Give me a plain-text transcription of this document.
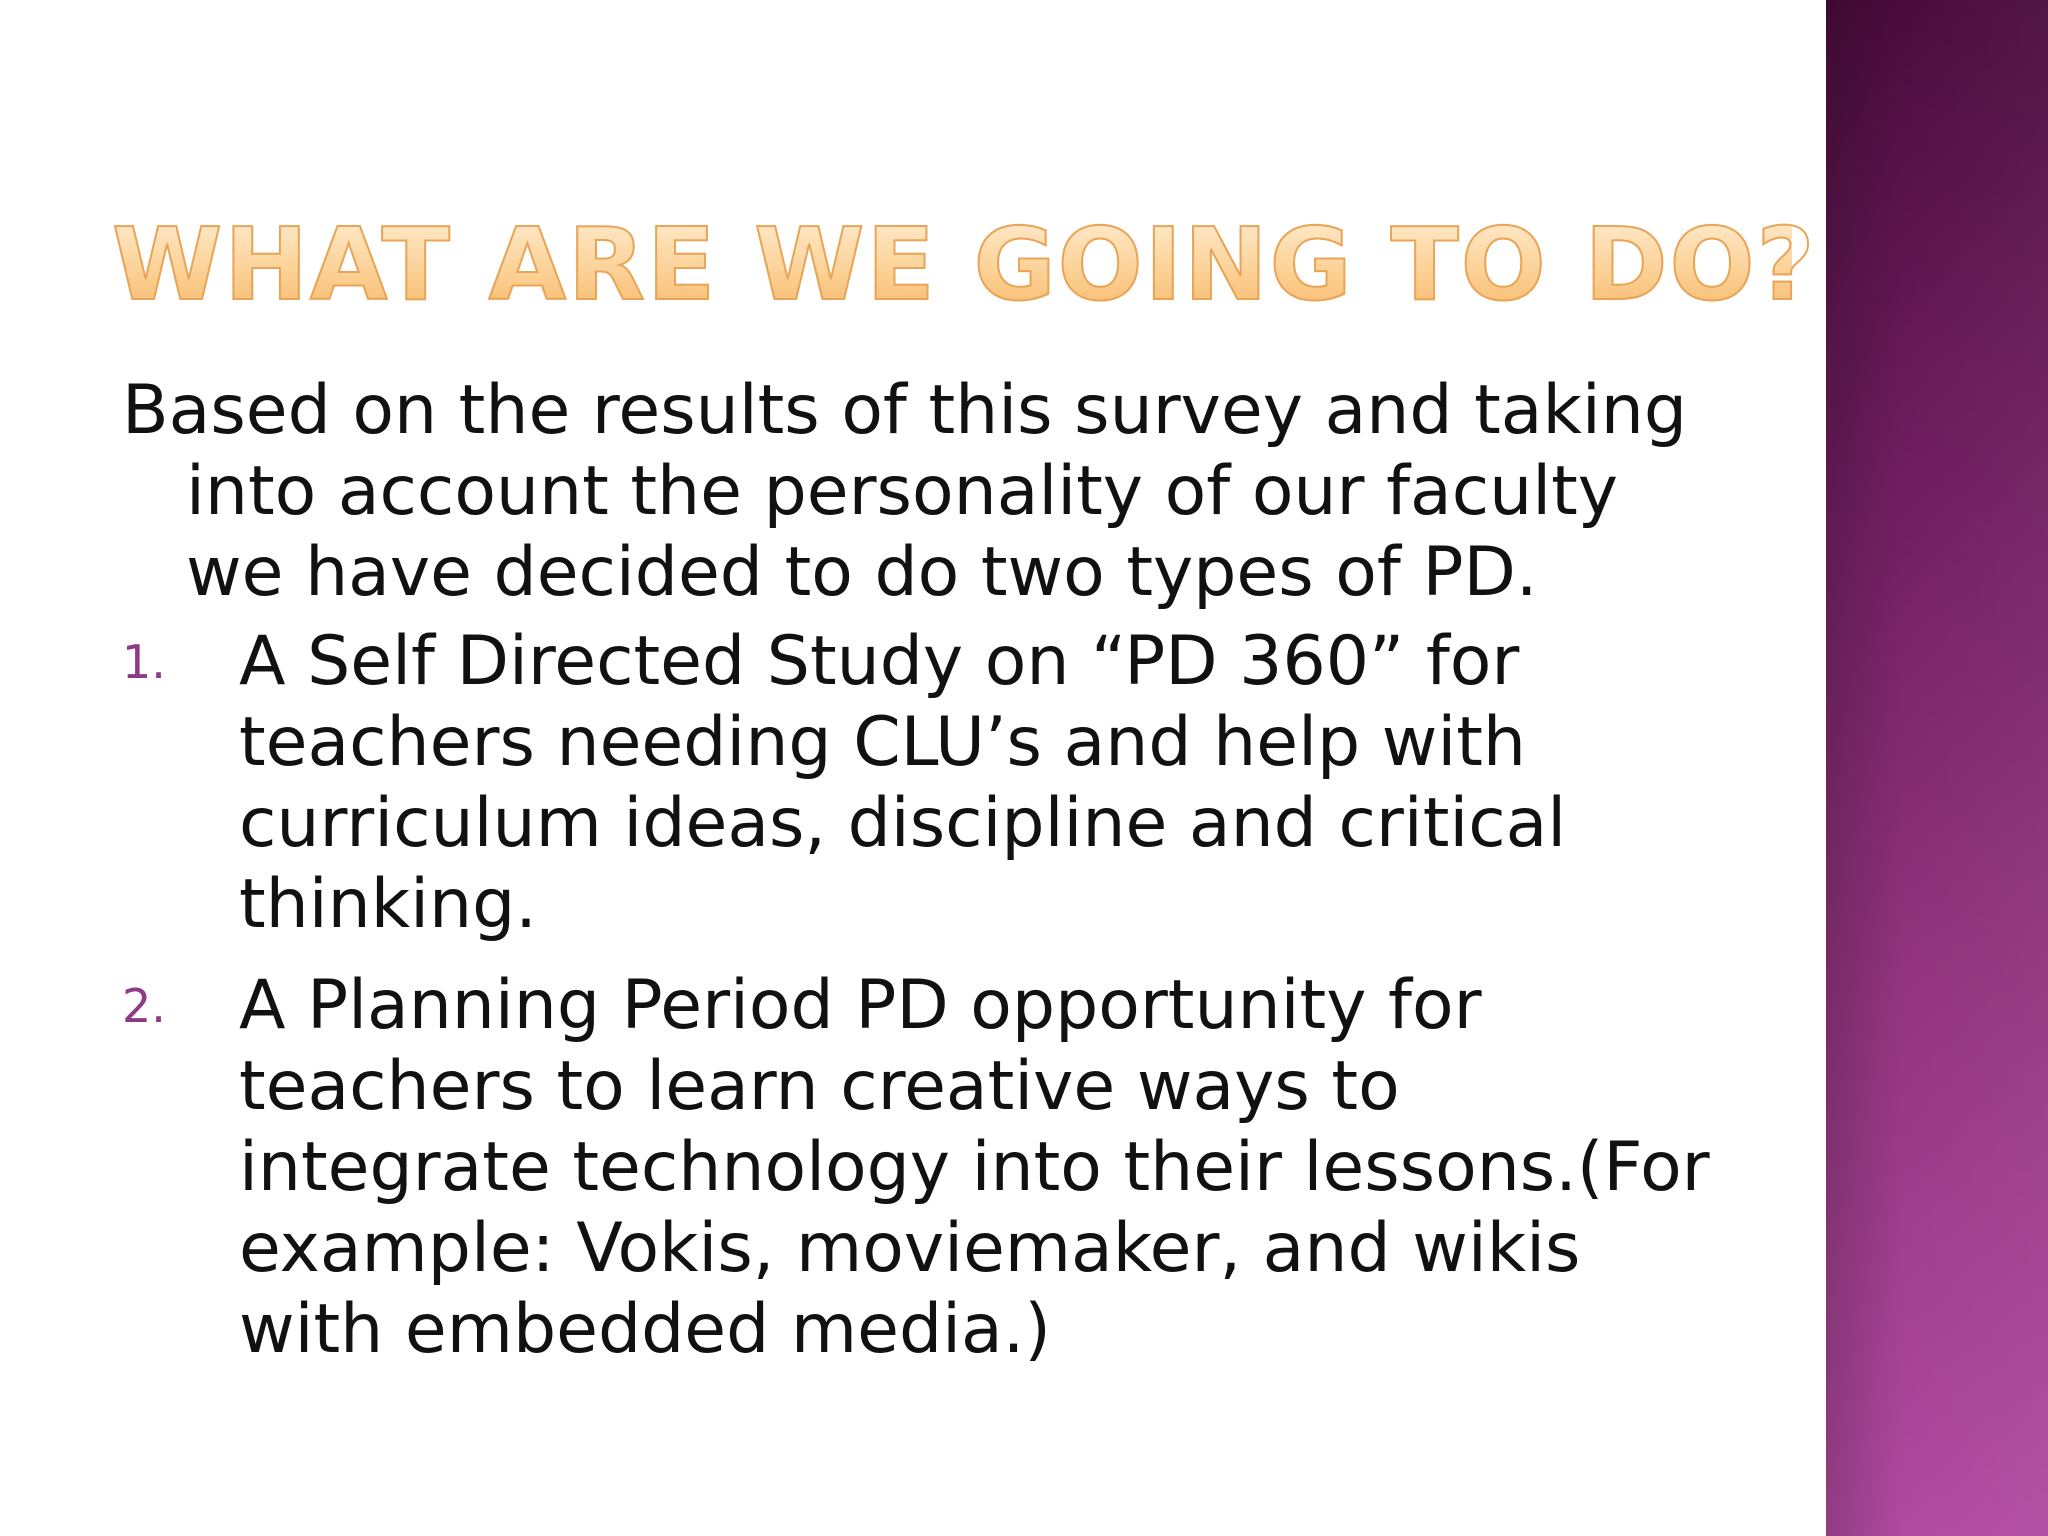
WHAT ARE WE GOING TO DO?

Based on the results of this survey and taking into account the personality of our faculty we have decided to do two types of PD.

1. A Self Directed Study on “PD 360” for teachers needing CLU’s and help with curriculum ideas, discipline and critical thinking.
2. A Planning Period PD opportunity for teachers to learn creative ways to integrate technology into their lessons.(For example: Vokis, moviemaker, and wikis with embedded media.)
